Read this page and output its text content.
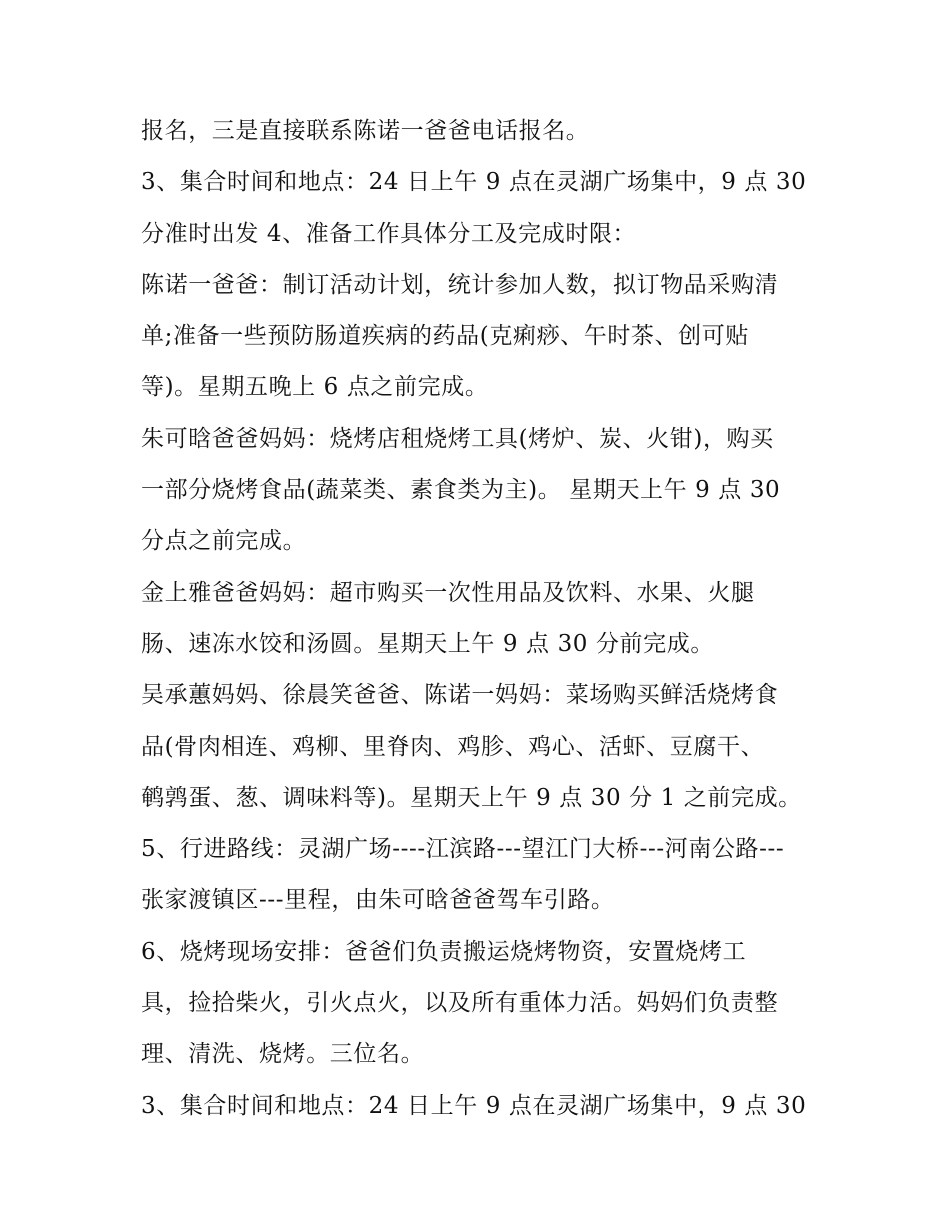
报名，三是直接联系陈诺一爸爸电话报名。
3、集合时间和地点：24 日上午 9 点在灵湖广场集中，9 点 30
分准时出发 4、准备工作具体分工及完成时限：
陈诺一爸爸：制订活动计划，统计参加人数，拟订物品采购清
单;准备一些预防肠道疾病的药品(克痢痧、午时茶、创可贴
等)。星期五晚上 6 点之前完成。
朱可晗爸爸妈妈：烧烤店租烧烤工具(烤炉、炭、火钳)，购买
一部分烧烤食品(蔬菜类、素食类为主)。 星期天上午 9 点 30
分点之前完成。
金上雅爸爸妈妈：超市购买一次性用品及饮料、水果、火腿
肠、速冻水饺和汤圆。星期天上午 9 点 30 分前完成。
吴承蕙妈妈、徐晨笑爸爸、陈诺一妈妈：菜场购买鲜活烧烤食
品(骨肉相连、鸡柳、里脊肉、鸡胗、鸡心、活虾、豆腐干、
鹌鹑蛋、葱、调味料等)。星期天上午 9 点 30 分 1 之前完成。
5、行进路线：灵湖广场----江滨路---望江门大桥---河南公路---
张家渡镇区---里程，由朱可晗爸爸驾车引路。
6、烧烤现场安排：爸爸们负责搬运烧烤物资，安置烧烤工
具，捡拾柴火，引火点火，以及所有重体力活。妈妈们负责整
理、清洗、烧烤。三位名。
3、集合时间和地点：24 日上午 9 点在灵湖广场集中，9 点 30
